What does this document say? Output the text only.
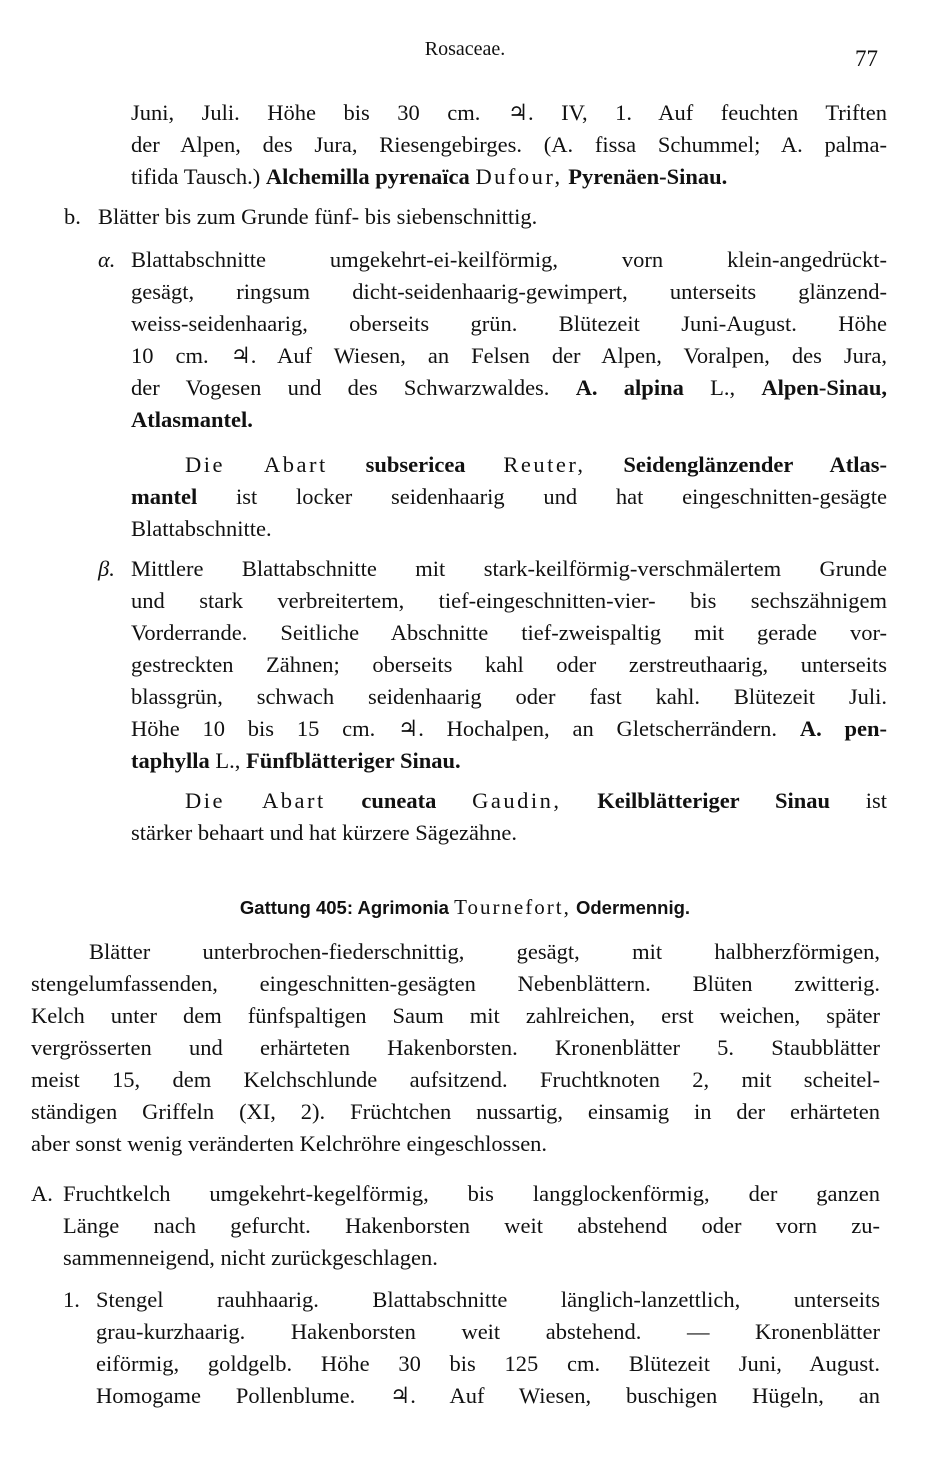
Rosaceae.	77
Juni, Juli. Höhe bis 30 cm. ♃. IV, 1. Auf feuchten Triften
der Alpen, des Jura, Riesengebirges. (A. fissa Schummel; A. palma-
tifida Tausch.) Alchemilla pyrenaïca Dufour, Pyrenäen-Sinau.
b. Blätter bis zum Grunde fünf- bis siebenschnittig.
α. Blattabschnitte umgekehrt-ei-keilförmig, vorn klein-angedrückt-
gesägt, ringsum dicht-seidenhaarig-gewimpert, unterseits glänzend-
weiss-seidenhaarig, oberseits grün. Blütezeit Juni-August. Höhe
10 cm. ♃. Auf Wiesen, an Felsen der Alpen, Voralpen, des Jura,
der Vogesen und des Schwarzwaldes. A. alpina L., Alpen-Sinau,
Atlasmantel.
Die Abart subsericea Reuter, Seidenglänzender Atlas-
mantel ist locker seidenhaarig und hat eingeschnitten-gesägte
Blattabschnitte.
β. Mittlere Blattabschnitte mit stark-keilförmig-verschmälertem Grunde
und stark verbreitertem, tief-eingeschnitten-vier- bis sechszähnigem
Vorderrande. Seitliche Abschnitte tief-zweispaltig mit gerade vor-
gestreckten Zähnen; oberseits kahl oder zerstreuthaarig, unterseits
blassgrün, schwach seidenhaarig oder fast kahl. Blütezeit Juli.
Höhe 10 bis 15 cm. ♃. Hochalpen, an Gletscherrändern. A. pen-
taphylla L., Fünfblätteriger Sinau.
Die Abart cuneata Gaudin, Keilblätteriger Sinau ist
stärker behaart und hat kürzere Sägezähne.
Gattung 405: Agrimonia Tournefort, Odermennig.
Blätter unterbrochen-fiederschnittig, gesägt, mit halbherzförmigen,
stengelumfassenden, eingeschnitten-gesägten Nebenblättern. Blüten zwitterig.
Kelch unter dem fünfspaltigen Saum mit zahlreichen, erst weichen, später
vergrösserten und erhärteten Hakenborsten. Kronenblätter 5. Staubblätter
meist 15, dem Kelchschlunde aufsitzend. Fruchtknoten 2, mit scheitel-
ständigen Griffeln (XI, 2). Früchtchen nussartig, einsamig in der erhärteten
aber sonst wenig veränderten Kelchröhre eingeschlossen.
A. Fruchtkelch umgekehrt-kegelförmig, bis langglockenförmig, der ganzen
Länge nach gefurcht. Hakenborsten weit abstehend oder vorn zu-
sammenneigend, nicht zurückgeschlagen.
1. Stengel rauhhaarig. Blattabschnitte länglich-lanzettlich, unterseits
grau-kurzhaarig. Hakenborsten weit abstehend. — Kronenblätter
eiförmig, goldgelb. Höhe 30 bis 125 cm. Blütezeit Juni, August.
Homogame Pollenblume. ♃. Auf Wiesen, buschigen Hügeln, an
